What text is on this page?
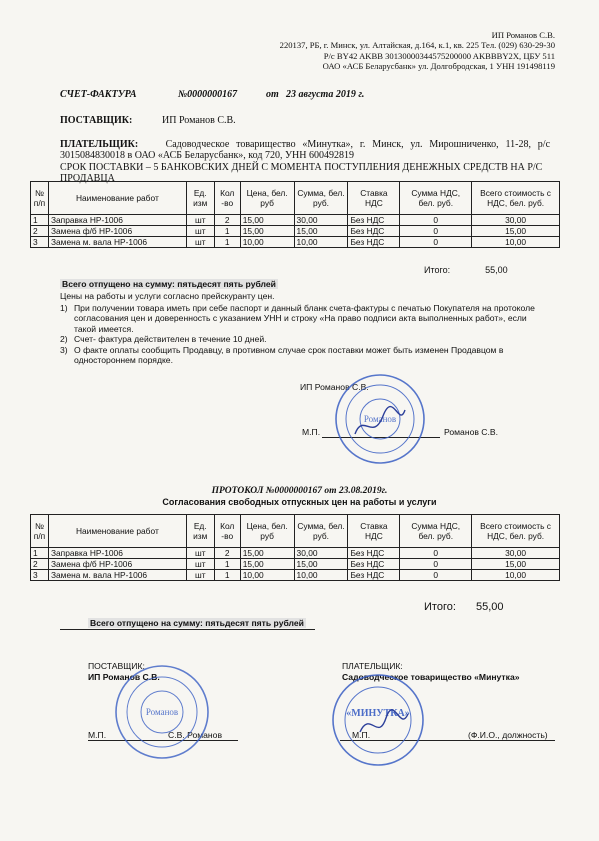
ИП Романов С.В.
220137, РБ, г. Минск, ул. Алтайская, д.164, к.1, кв. 225 Тел. (029) 630-29-30
Р/с BY42 AKBB 30130000344575200000 AKBBBY2X, ЦБУ 511
ОАО «АСБ Беларусбанк» ул. Долгобродская, 1 УНН 191498119
СЧЕТ-ФАКТУРА	№0000000167	от 23 августа 2019 г.
ПОСТАВЩИК:	ИП Романов С.В.
ПЛАТЕЛЬЩИК:	Садоводческое товарищество «Минутка», г. Минск, ул. Мирошниченко, 11-28, р/с 3015084830018 в ОАО «АСБ Беларусбанк», код 720, УНН 600492819
СРОК ПОСТАВКИ – 5 БАНКОВСКИХ ДНЕЙ С МОМЕНТА ПОСТУПЛЕНИЯ ДЕНЕЖНЫХ СРЕДСТВ НА Р/С ПРОДАВЦА
№ п/п	Наименование работ	Ед. изм	Кол -во	Цена, бел. руб	Сумма, бел. руб.	Ставка НДС	Сумма НДС, бел. руб.	Всего стоимость с НДС, бел. руб.
1	Заправка НР-1006	шт	2	15,00	30,00	Без НДС	0	30,00
2	Замена ф/б НР-1006	шт	1	15,00	15,00	Без НДС	0	15,00
3	Замена м. вала НР-1006	шт	1	10,00	10,00	Без НДС	0	10,00
Итого:	55,00
Всего отпущено на сумму: пятьдесят пять рублей
Цены на работы и услуги согласно прейскуранту цен.
1) При получении товара иметь при себе паспорт и данный бланк счета-фактуры с печатью Покупателя на протоколе согласования цен и доверенность с указанием УНН и строку «На право подписи акта выполненных работ», если такой имеется.
2) Счет- фактура действителен в течение 10 дней.
3) О факте оплаты сообщить Продавцу, в противном случае срок поставки может быть изменен Продавцом в одностороннем порядке.
ИП Романов С.В.
М.П.	Романов С.В.
Романов
ПРОТОКОЛ №0000000167 от 23.08.2019г.
Согласования свободных отпускных цен на работы и услуги
№ п/п	Наименование работ	Ед. изм	Кол -во	Цена, бел. руб	Сумма, бел. руб.	Ставка НДС	Сумма НДС, бел. руб.	Всего стоимость с НДС, бел. руб.
1	Заправка НР-1006	шт	2	15,00	30,00	Без НДС	0	30,00
2	Замена ф/б НР-1006	шт	1	15,00	15,00	Без НДС	0	15,00
3	Замена м. вала НР-1006	шт	1	10,00	10,00	Без НДС	0	10,00
Итого: 55,00
Всего отпущено на сумму: пятьдесят пять рублей
ПОСТАВЩИК:
ИП Романов С.В.
М.П.	С.В. Романов
ПЛАТЕЛЬЩИК:
Садоводческое товарищество «Минутка»
М.П.	(Ф.И.О., должность)
Романов	«МИНУТКА»
